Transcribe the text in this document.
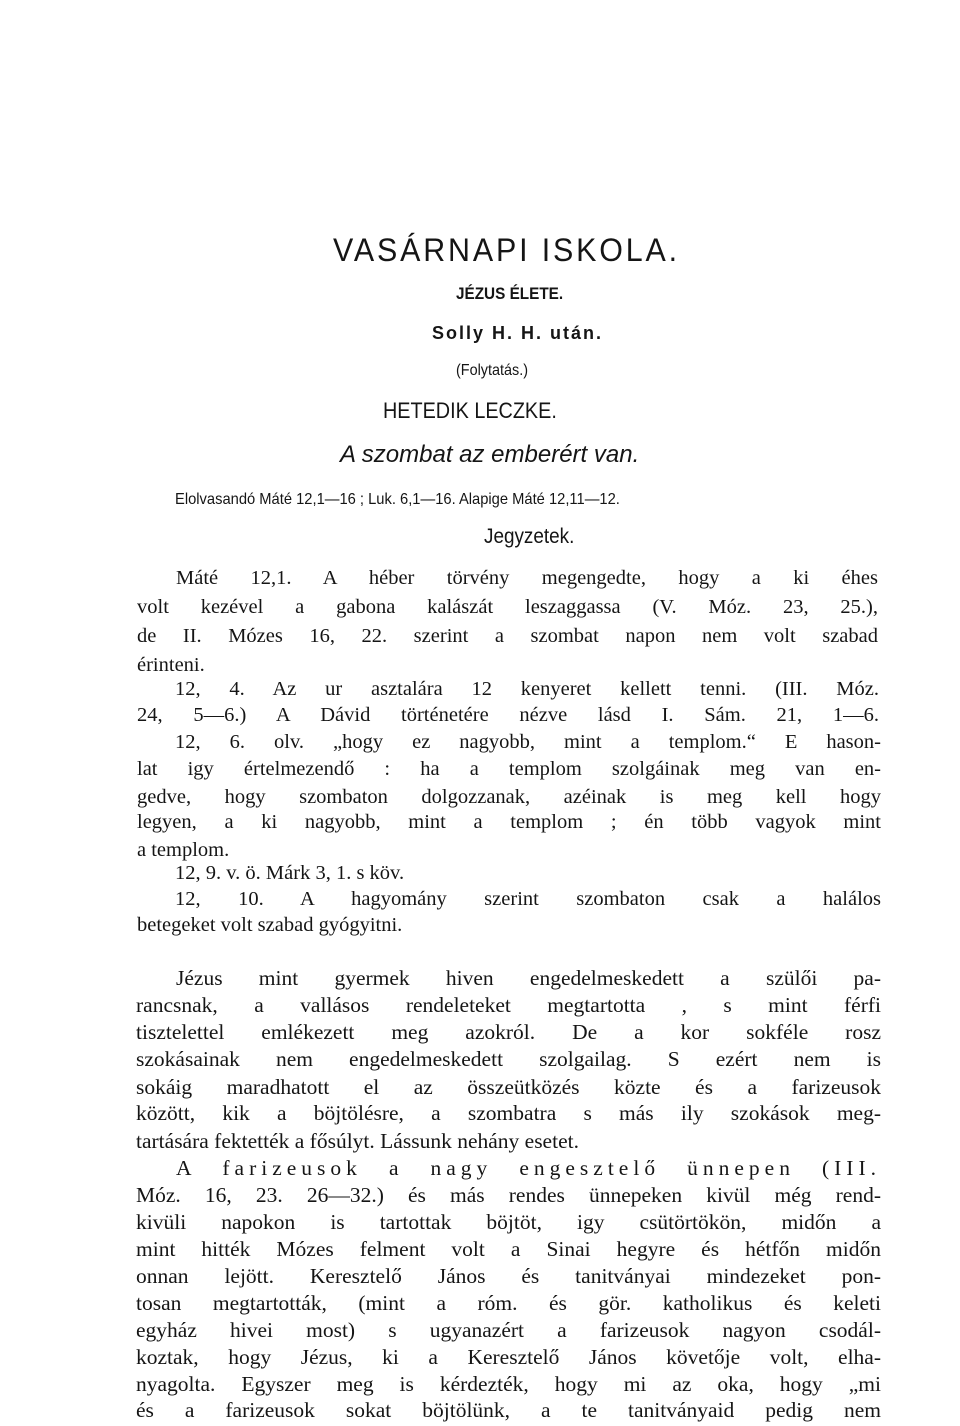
VASÁRNAPI ISKOLA.
JÉZUS ÉLETE.
Solly H. H. után.
(Folytatás.)
HETEDIK LECZKE.
A szombat az emberért van.
Elolvasandó Máté 12,1—16 ; Luk. 6,1—16. Alapige Máté 12,11—12.
Jegyzetek.
Máté 12,1. A héber törvény megengedte, hogy a ki éhes
volt kezével a gabona kalászát leszaggassa (V. Móz. 23, 25.),
de II. Mózes 16, 22. szerint a szombat napon nem volt szabad
érinteni.
12, 4. Az ur asztalára 12 kenyeret kellett tenni. (III. Móz.
24, 5—6.) A Dávid történetére nézve lásd I. Sám. 21, 1—6.
12, 6. olv. „hogy ez nagyobb, mint a templom.“ E hason-
lat igy értelmezendő : ha a templom szolgáinak meg van en-
gedve, hogy szombaton dolgozzanak, azéinak is meg kell hogy
legyen, a ki nagyobb, mint a templom ; én több vagyok mint
a templom.
12, 9. v. ö. Márk 3, 1. s köv.
12, 10. A hagyomány szerint szombaton csak a halálos
betegeket volt szabad gyógyitni.
Jézus mint gyermek hiven engedelmeskedett a szülői pa-
rancsnak, a vallásos rendeleteket megtartotta , s mint férfi
tisztelettel emlékezett meg azokról. De a kor sokféle rosz
szokásainak nem engedelmeskedett szolgailag. S ezért nem is
sokáig maradhatott el az összeütközés közte és a farizeusok
között, kik a böjtölésre, a szombatra s más ily szokások meg-
tartására fektették a fősúlyt. Lássunk nehány esetet.
A farizeusok a nagy engesztelő ünnepen (III.
Móz. 16, 23. 26—32.) és más rendes ünnepeken kivül még rend-
kivüli napokon is tartottak böjtöt, igy csütörtökön, midőn a
mint hitték Mózes felment volt a Sinai hegyre és hétfőn midőn
onnan lejött. Keresztelő János és tanitványai mindezeket pon-
tosan megtartották, (mint a róm. és gör. katholikus és keleti
egyház hivei most) s ugyanazért a farizeusok nagyon csodál-
koztak, hogy Jézus, ki a Keresztelő János követője volt, elha-
nyagolta. Egyszer meg is kérdezték, hogy mi az oka, hogy „mi
és a farizeusok sokat böjtölünk, a te tanitványaid pedig nem
